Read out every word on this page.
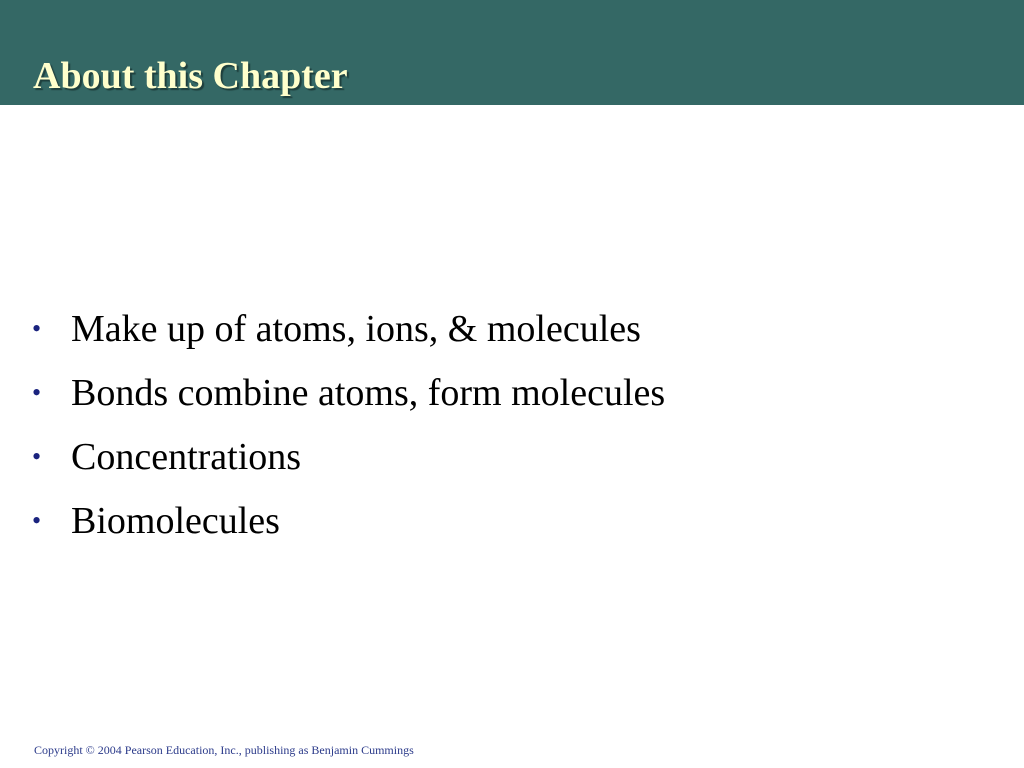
About this Chapter
• Make up of atoms, ions, & molecules
• Bonds combine atoms, form molecules
• Concentrations
• Biomolecules
Copyright © 2004 Pearson Education, Inc., publishing as Benjamin Cummings
